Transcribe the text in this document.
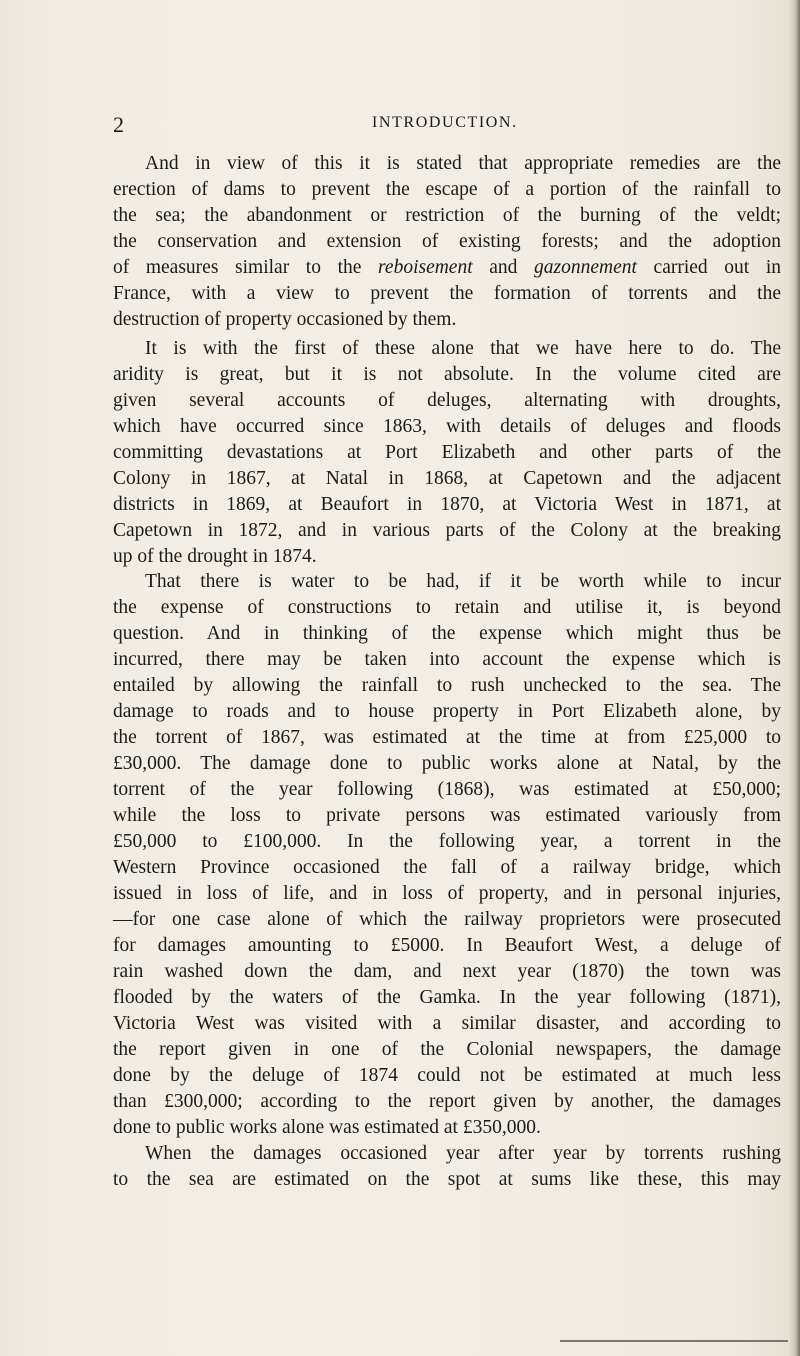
2	INTRODUCTION.
And in view of this it is stated that appropriate remedies are the
erection of dams to prevent the escape of a portion of the rainfall to
the sea; the abandonment or restriction of the burning of the veldt;
the conservation and extension of existing forests; and the adoption
of measures similar to the reboisement and gazonnement carried out in
France, with a view to prevent the formation of torrents and the
destruction of property occasioned by them.
It is with the first of these alone that we have here to do. The
aridity is great, but it is not absolute. In the volume cited are
given several accounts of deluges, alternating with droughts,
which have occurred since 1863, with details of deluges and floods
committing devastations at Port Elizabeth and other parts of the
Colony in 1867, at Natal in 1868, at Capetown and the adjacent
districts in 1869, at Beaufort in 1870, at Victoria West in 1871, at
Capetown in 1872, and in various parts of the Colony at the breaking
up of the drought in 1874.
That there is water to be had, if it be worth while to incur
the expense of constructions to retain and utilise it, is beyond
question. And in thinking of the expense which might thus be
incurred, there may be taken into account the expense which is
entailed by allowing the rainfall to rush unchecked to the sea. The
damage to roads and to house property in Port Elizabeth alone, by
the torrent of 1867, was estimated at the time at from £25,000 to
£30,000. The damage done to public works alone at Natal, by the
torrent of the year following (1868), was estimated at £50,000;
while the loss to private persons was estimated variously from
£50,000 to £100,000. In the following year, a torrent in the
Western Province occasioned the fall of a railway bridge, which
issued in loss of life, and in loss of property, and in personal injuries,
—for one case alone of which the railway proprietors were prosecuted
for damages amounting to £5000. In Beaufort West, a deluge of
rain washed down the dam, and next year (1870) the town was
flooded by the waters of the Gamka. In the year following (1871),
Victoria West was visited with a similar disaster, and according to
the report given in one of the Colonial newspapers, the damage
done by the deluge of 1874 could not be estimated at much less
than £300,000; according to the report given by another, the damages
done to public works alone was estimated at £350,000.
When the damages occasioned year after year by torrents rushing
to the sea are estimated on the spot at sums like these, this may
